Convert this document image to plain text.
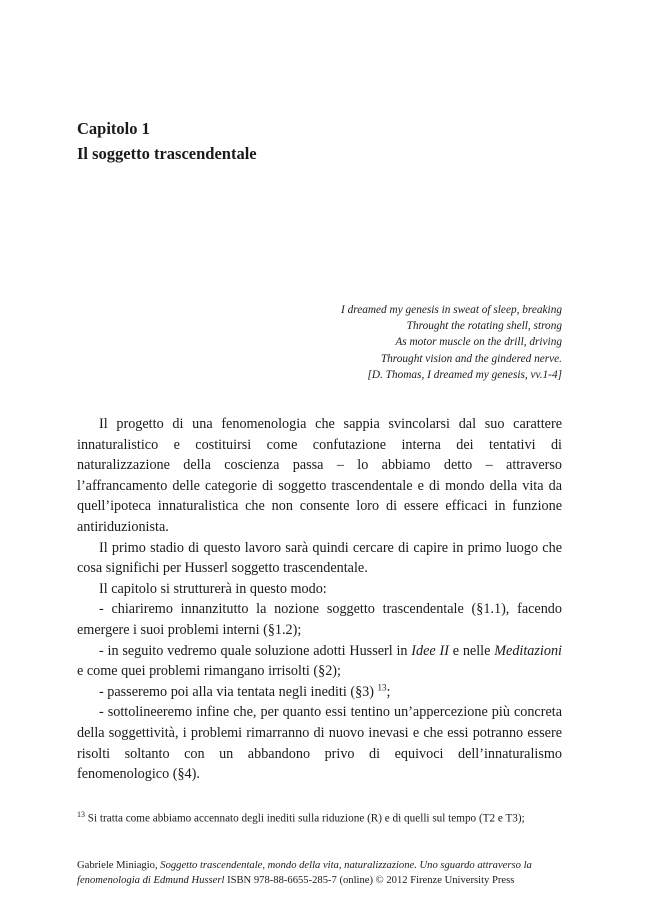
Capitolo 1
Il soggetto trascendentale
I dreamed my genesis in sweat of sleep, breaking
Throught the rotating shell, strong
As motor muscle on the drill, driving
Throught vision and the gindered nerve.
[D. Thomas, I dreamed my genesis, vv.1-4]

Il progetto di una fenomenologia che sappia svincolarsi dal suo carattere innaturalistico e costituirsi come confutazione interna dei tentativi di naturalizzazione della coscienza passa – lo abbiamo detto – attraverso l’affrancamento delle categorie di soggetto trascendentale e di mondo della vita da quell’ipoteca innaturalistica che non consente loro di essere efficaci in funzione antiriduzionista.

Il primo stadio di questo lavoro sarà quindi cercare di capire in primo luogo che cosa significhi per Husserl soggetto trascendentale.

Il capitolo si strutturerà in questo modo:

- chiariremo innanzitutto la nozione soggetto trascendentale (§1.1), facendo emergere i suoi problemi interni (§1.2);

- in seguito vedremo quale soluzione adotti Husserl in Idee II e nelle Meditazioni e come quei problemi rimangano irrisolti (§2);

- passeremo poi alla via tentata negli inediti (§3) $^{13}$;

- sottolineeremo infine che, per quanto essi tentino un’appercezione più concreta della soggettività, i problemi rimarranno di nuovo inevasi e che essi potranno essere risolti soltanto con un abbandono privo di equivoci dell’innaturalismo fenomenologico (§4).

$^{13}$ Si tratta come abbiamo accennato degli inediti sulla riduzione (R) e di quelli sul tempo (T2 e T3);
Gabriele Miniagio, Soggetto trascendentale, mondo della vita, naturalizzazione. Uno sguardo attraverso la
fenomenologia di Edmund Husserl ISBN 978-88-6655-285-7 (online) © 2012 Firenze University Press
